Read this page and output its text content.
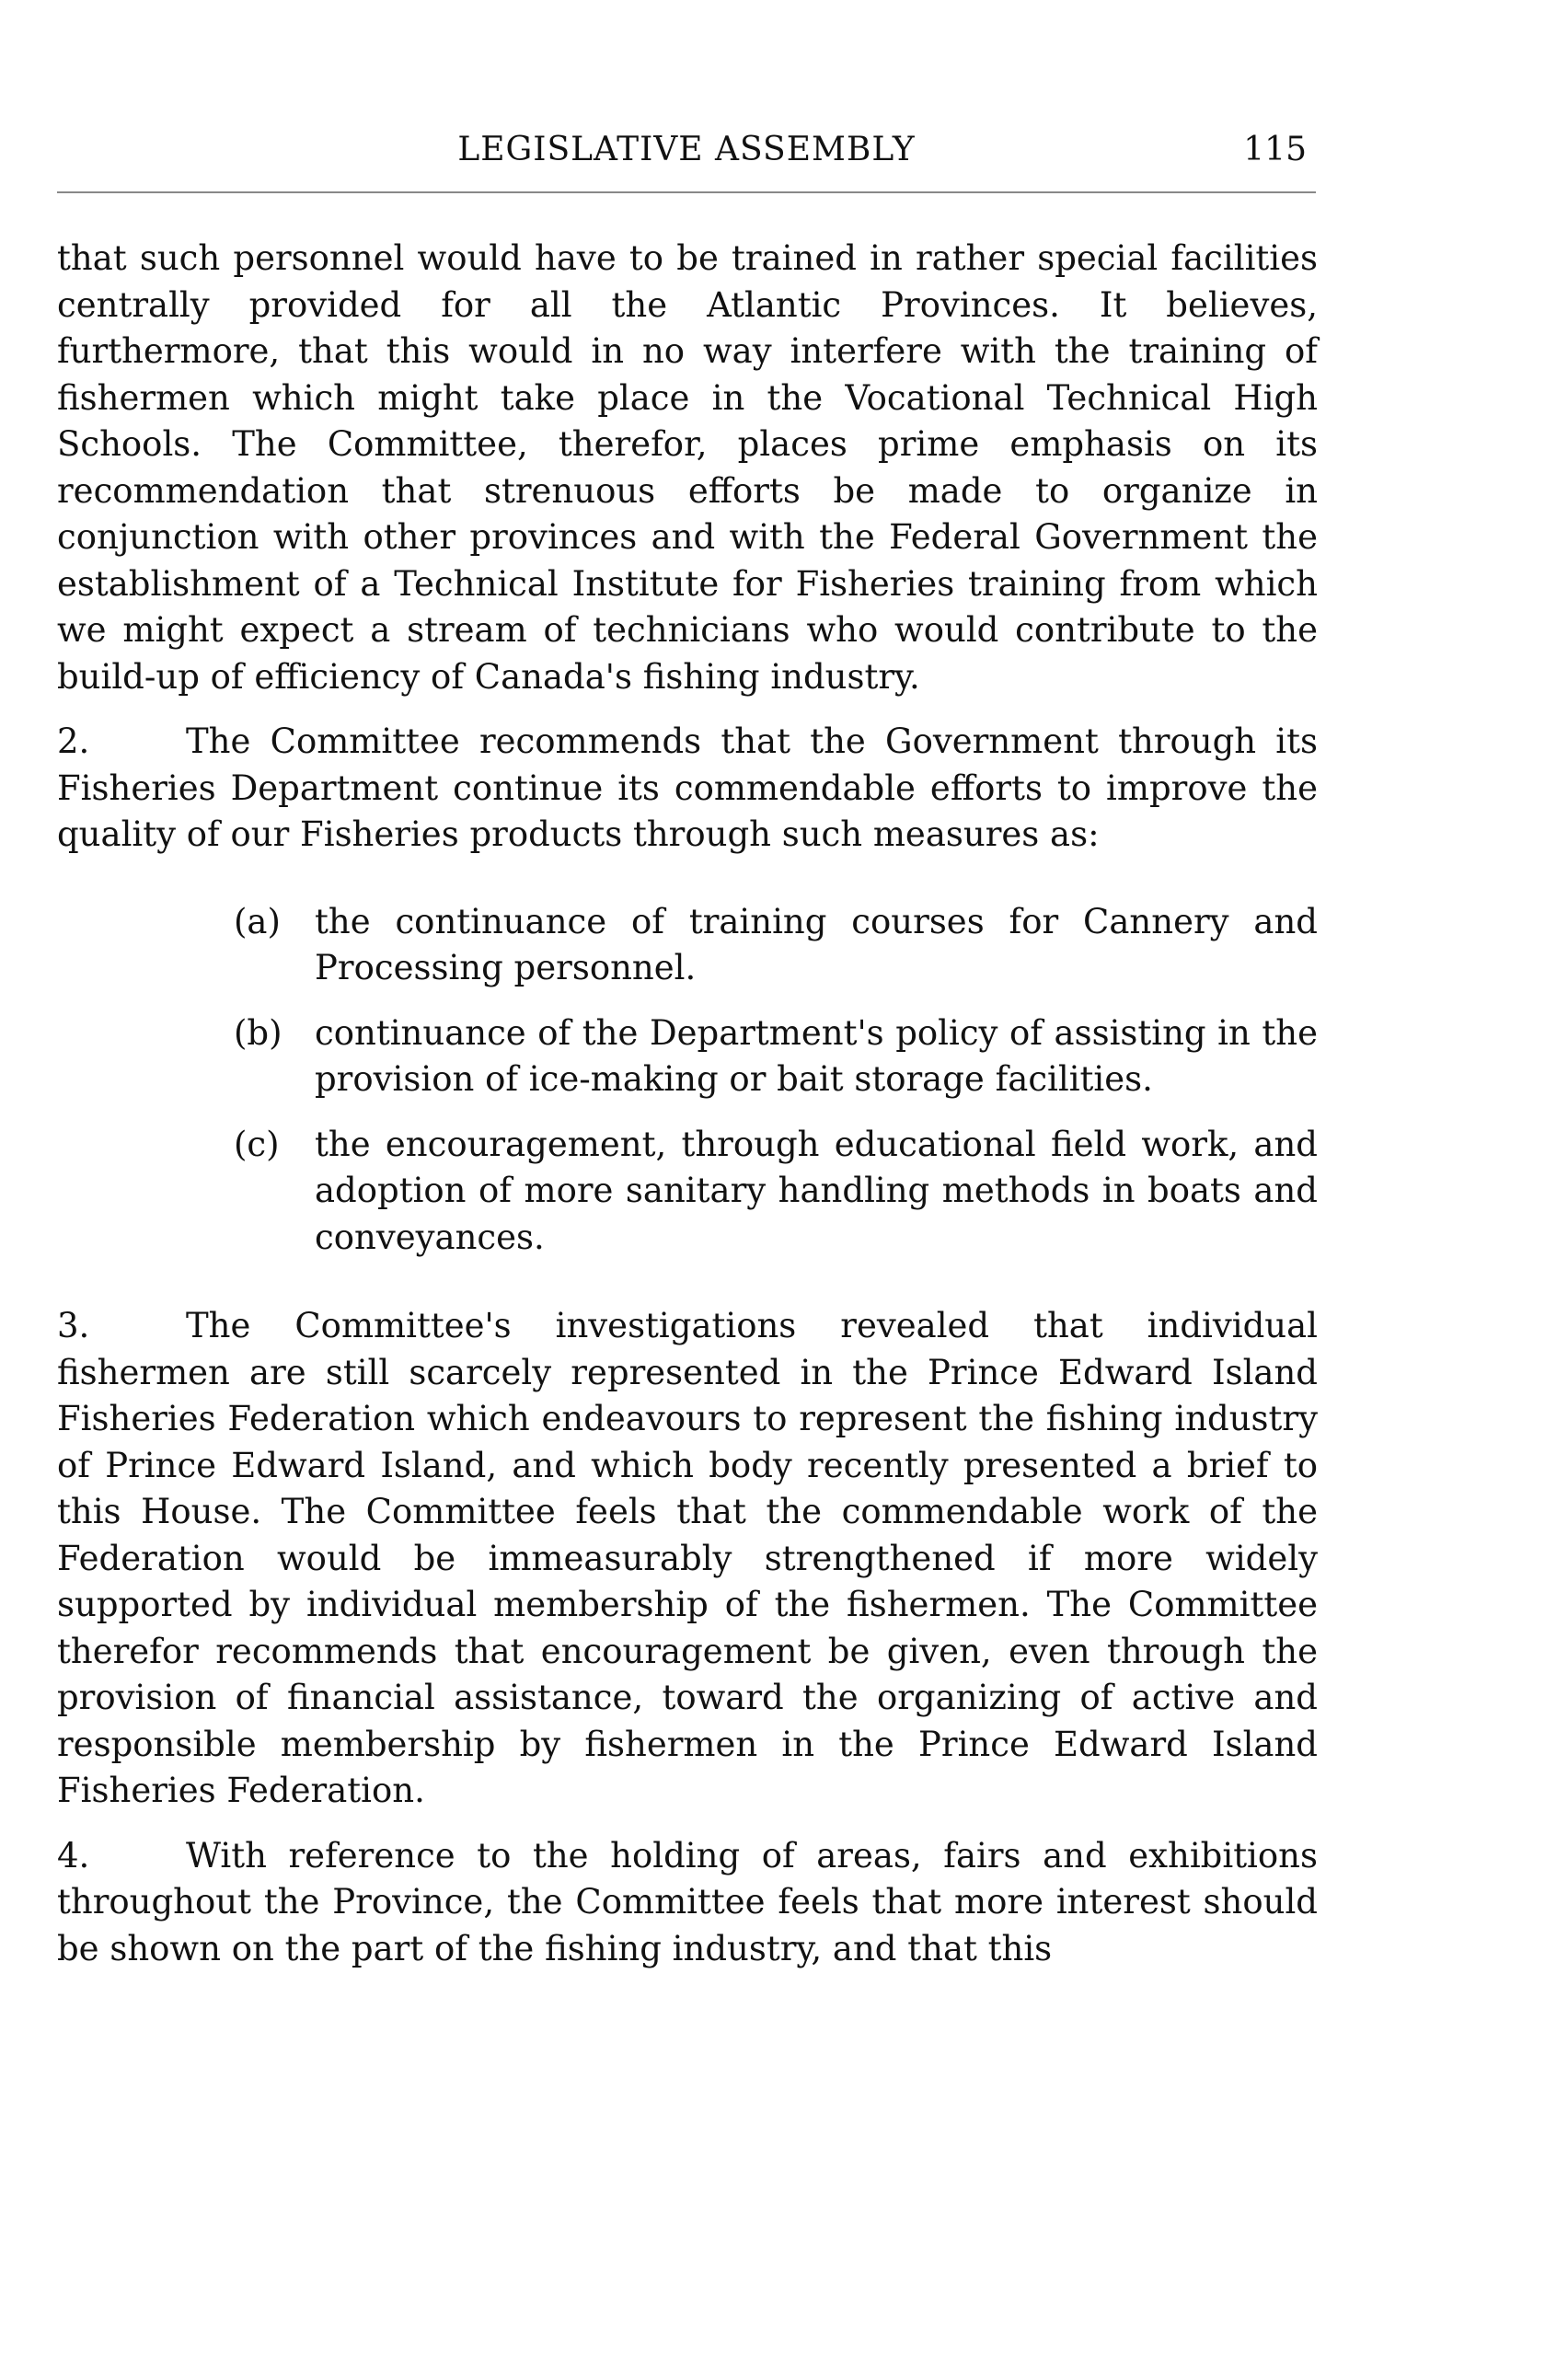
LEGISLATIVE ASSEMBLY	115

that such personnel would have to be trained in rather special facilities centrally provided for all the Atlantic Provinces. It believes, furthermore, that this would in no way interfere with the training of fishermen which might take place in the Vocational Technical High Schools. The Committee, therefor, places prime emphasis on its recommendation that strenuous efforts be made to organize in conjunction with other provinces and with the Federal Government the establishment of a Technical Institute for Fisheries training from which we might expect a stream of technicians who would contribute to the build-up of efficiency of Canada's fishing industry.

2.	The Committee recommends that the Government through its Fisheries Department continue its commendable efforts to improve the quality of our Fisheries products through such measures as:

(a) the continuance of training courses for Cannery and Processing personnel.

(b) continuance of the Department's policy of assisting in the provision of ice-making or bait storage facilities.

(c) the encouragement, through educational field work, and adoption of more sanitary handling methods in boats and conveyances.

3.	The Committee's investigations revealed that individual fishermen are still scarcely represented in the Prince Edward Island Fisheries Federation which endeavours to represent the fishing industry of Prince Edward Island, and which body recently presented a brief to this House. The Committee feels that the commendable work of the Federation would be immeasurably strengthened if more widely supported by individual membership of the fishermen. The Committee therefor recommends that encouragement be given, even through the provision of financial assistance, toward the organizing of active and responsible membership by fishermen in the Prince Edward Island Fisheries Federation.

4.	With reference to the holding of areas, fairs and exhibitions throughout the Province, the Committee feels that more interest should be shown on the part of the fishing industry, and that this
